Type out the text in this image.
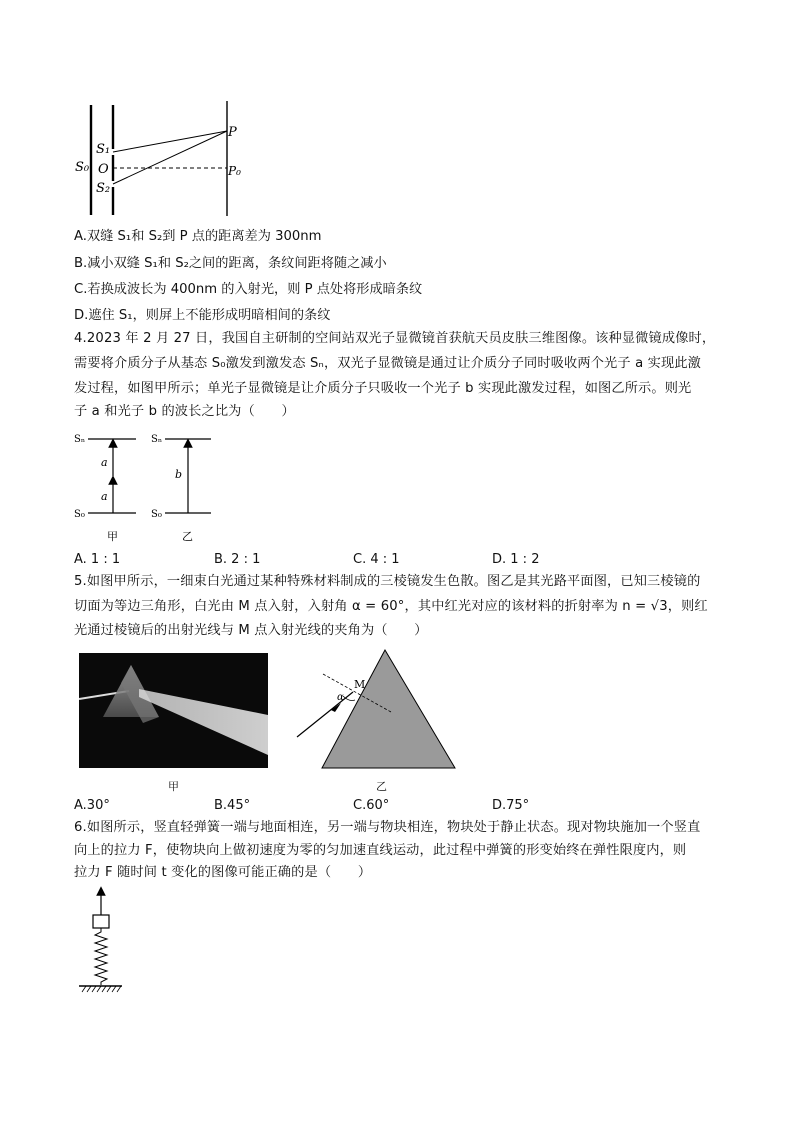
S₀
S₁
O
S₂
P
P₀
A.双缝 S₁和 S₂到 P 点的距离差为 300nm
B.减小双缝 S₁和 S₂之间的距离，条纹间距将随之减小
C.若换成波长为 400nm 的入射光，则 P 点处将形成暗条纹
D.遮住 S₁，则屏上不能形成明暗相间的条纹
4.2023 年 2 月 27 日，我国自主研制的空间站双光子显微镜首获航天员皮肤三维图像。该种显微镜成像时，
需要将介质分子从基态 S₀激发到激发态 Sₙ，双光子显微镜是通过让介质分子同时吸收两个光子 a 实现此激
发过程，如图甲所示；单光子显微镜是让介质分子只吸收一个光子 b 实现此激发过程，如图乙所示。则光
子 a 和光子 b 的波长之比为（　　）
Sₙ
S₀
a
a
甲
Sₙ
S₀
b
乙
A. 1 : 1	B. 2 : 1	C. 4 : 1	D. 1 : 2
5.如图甲所示，一细束白光通过某种特殊材料制成的三棱镜发生色散。图乙是其光路平面图，已知三棱镜的
切面为等边三角形，白光由 M 点入射，入射角 α = 60°，其中红光对应的该材料的折射率为 n = √3，则红
光通过棱镜后的出射光线与 M 点入射光线的夹角为（　　）
甲
M
α
乙
A.30°	B.45°	C.60°	D.75°
6.如图所示，竖直轻弹簧一端与地面相连，另一端与物块相连，物块处于静止状态。现对物块施加一个竖直
向上的拉力 F，使物块向上做初速度为零的匀加速直线运动，此过程中弹簧的形变始终在弹性限度内，则
拉力 F 随时间 t 变化的图像可能正确的是（　　）
